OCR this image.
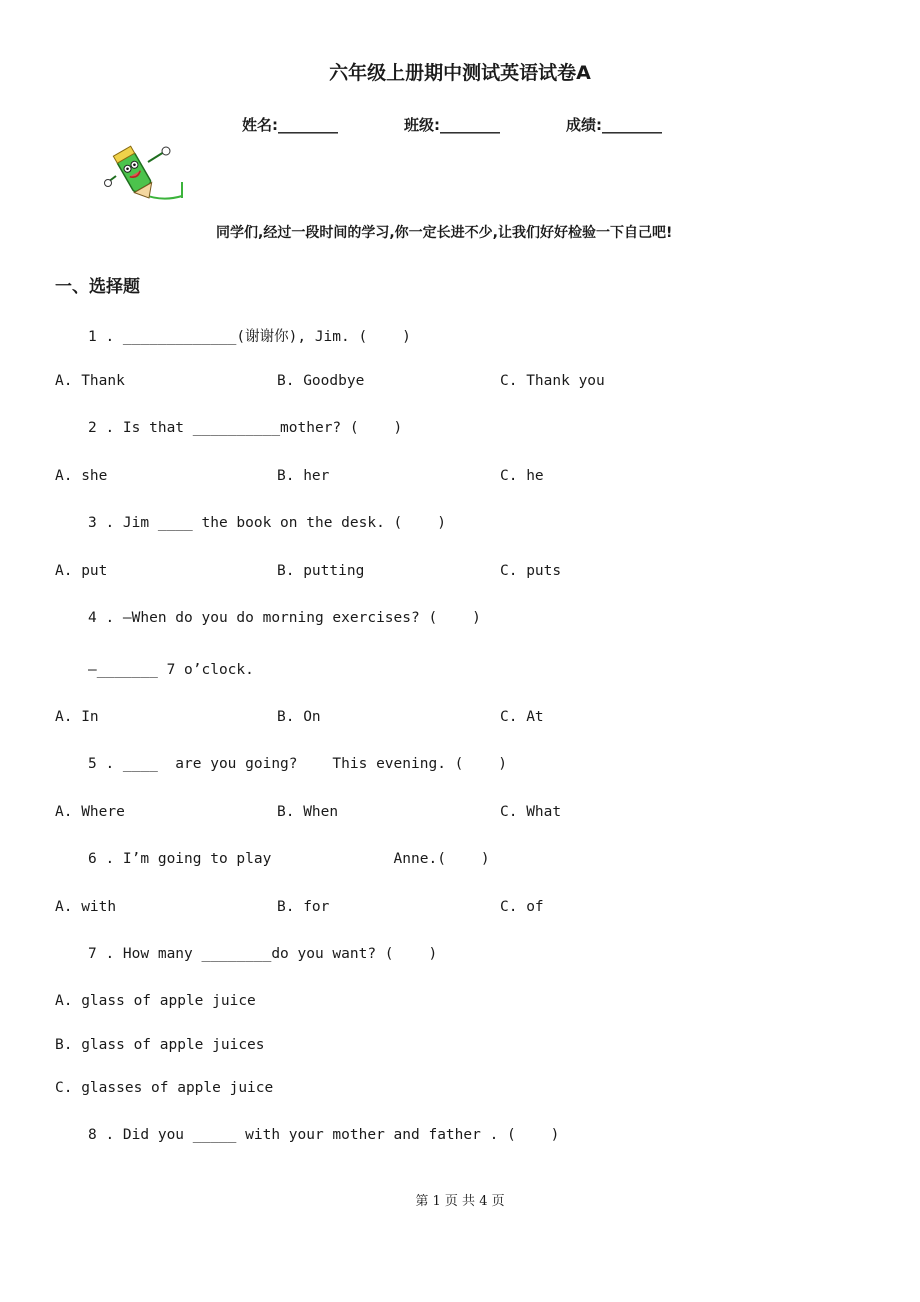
六年级上册期中测试英语试卷A
姓名:________	班级:________	成绩:________
同学们,经过一段时间的学习,你一定长进不少,让我们好好检验一下自己吧!
一、选择题
1 . _____________(谢谢你), Jim. (    )
A. Thank	B. Goodbye	C. Thank you
2 . Is that __________mother? (    )
A. she	B. her	C. he
3 . Jim ____ the book on the desk. (    )
A. put	B. putting	C. puts
4 . —When do you do morning exercises? (    )
—_______ 7 o’clock.
A. In	B. On	C. At
5 . ____  are you going?    This evening. (    )
A. Where	B. When	C. What
6 . I’m going to play              Anne.(    )
A. with	B. for	C. of
7 . How many ________do you want? (    )
A. glass of apple juice
B. glass of apple juices
C. glasses of apple juice
8 . Did you _____ with your mother and father . (    )
第 1 页 共 4 页
